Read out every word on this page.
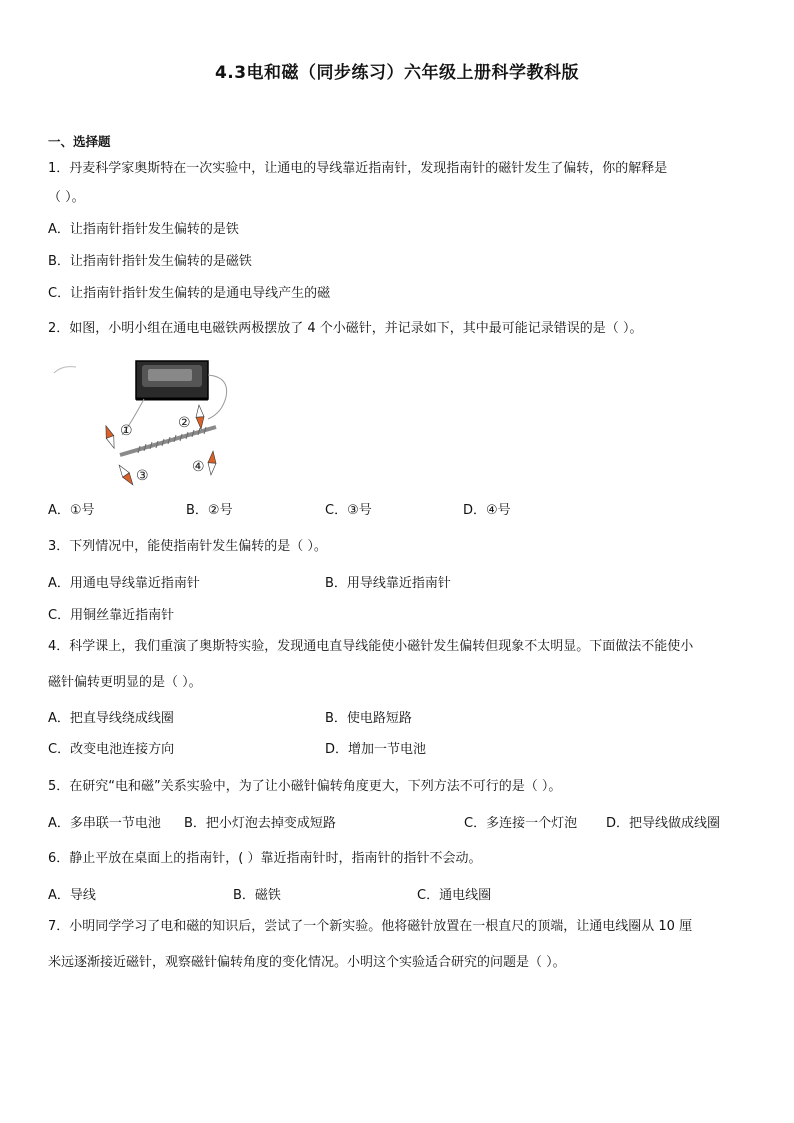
4.3电和磁（同步练习）六年级上册科学教科版
一、选择题
1．丹麦科学家奥斯特在一次实验中，让通电的导线靠近指南针，发现指南针的磁针发生了偏转，你的解释是
（ ）。
A．让指南针指针发生偏转的是铁
B．让指南针指针发生偏转的是磁铁
C．让指南针指针发生偏转的是通电导线产生的磁
2．如图，小明小组在通电电磁铁两极摆放了 4 个小磁针，并记录如下，其中最可能记录错误的是（ ）。
①	②
③
④
A．①号	B．②号	C．③号	D．④号
3．下列情况中，能使指南针发生偏转的是（ ）。
A．用通电导线靠近指南针	B．用导线靠近指南针
C．用铜丝靠近指南针
4．科学课上，我们重演了奥斯特实验，发现通电直导线能使小磁针发生偏转但现象不太明显。下面做法不能使小
磁针偏转更明显的是（ ）。
A．把直导线绕成线圈	B．使电路短路
C．改变电池连接方向	D．增加一节电池
5．在研究“电和磁”关系实验中，为了让小磁针偏转角度更大，下列方法不可行的是（ ）。
A．多串联一节电池 B．把小灯泡去掉变成短路	C．多连接一个灯泡 D．把导线做成线圈
6．静止平放在桌面上的指南针，( ）靠近指南针时，指南针的指针不会动。
A．导线	B．磁铁	C．通电线圈
7．小明同学学习了电和磁的知识后，尝试了一个新实验。他将磁针放置在一根直尺的顶端，让通电线圈从 10 厘
米远逐渐接近磁针，观察磁针偏转角度的变化情况。小明这个实验适合研究的问题是（ ）。
